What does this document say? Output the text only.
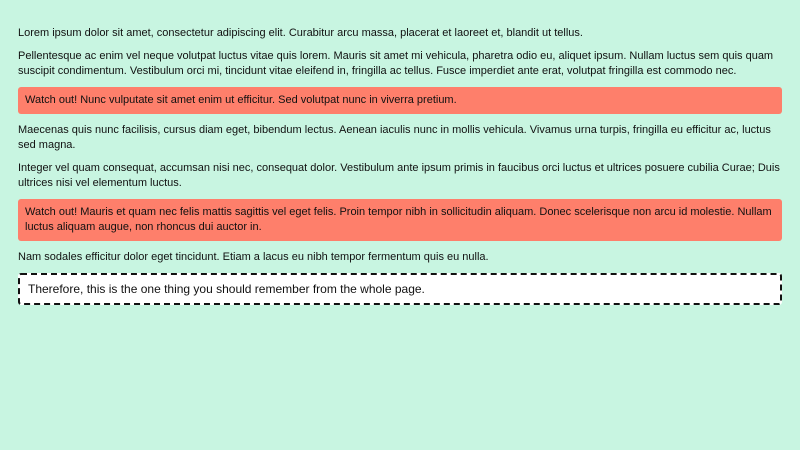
Lorem ipsum dolor sit amet, consectetur adipiscing elit. Curabitur arcu massa, placerat et laoreet et, blandit ut tellus.

Pellentesque ac enim vel neque volutpat luctus vitae quis lorem. Mauris sit amet mi vehicula, pharetra odio eu, aliquet ipsum. Nullam luctus sem quis quam suscipit condimentum. Vestibulum orci mi, tincidunt vitae eleifend in, fringilla ac tellus. Fusce imperdiet ante erat, volutpat fringilla est commodo nec.

Watch out! Nunc vulputate sit amet enim ut efficitur. Sed volutpat nunc in viverra pretium.

Maecenas quis nunc facilisis, cursus diam eget, bibendum lectus. Aenean iaculis nunc in mollis vehicula. Vivamus urna turpis, fringilla eu efficitur ac, luctus sed magna.

Integer vel quam consequat, accumsan nisi nec, consequat dolor. Vestibulum ante ipsum primis in faucibus orci luctus et ultrices posuere cubilia Curae; Duis ultrices nisi vel elementum luctus.

Watch out! Mauris et quam nec felis mattis sagittis vel eget felis. Proin tempor nibh in sollicitudin aliquam. Donec scelerisque non arcu id molestie. Nullam luctus aliquam augue, non rhoncus dui auctor in.

Nam sodales efficitur dolor eget tincidunt. Etiam a lacus eu nibh tempor fermentum quis eu nulla.

Therefore, this is the one thing you should remember from the whole page.
